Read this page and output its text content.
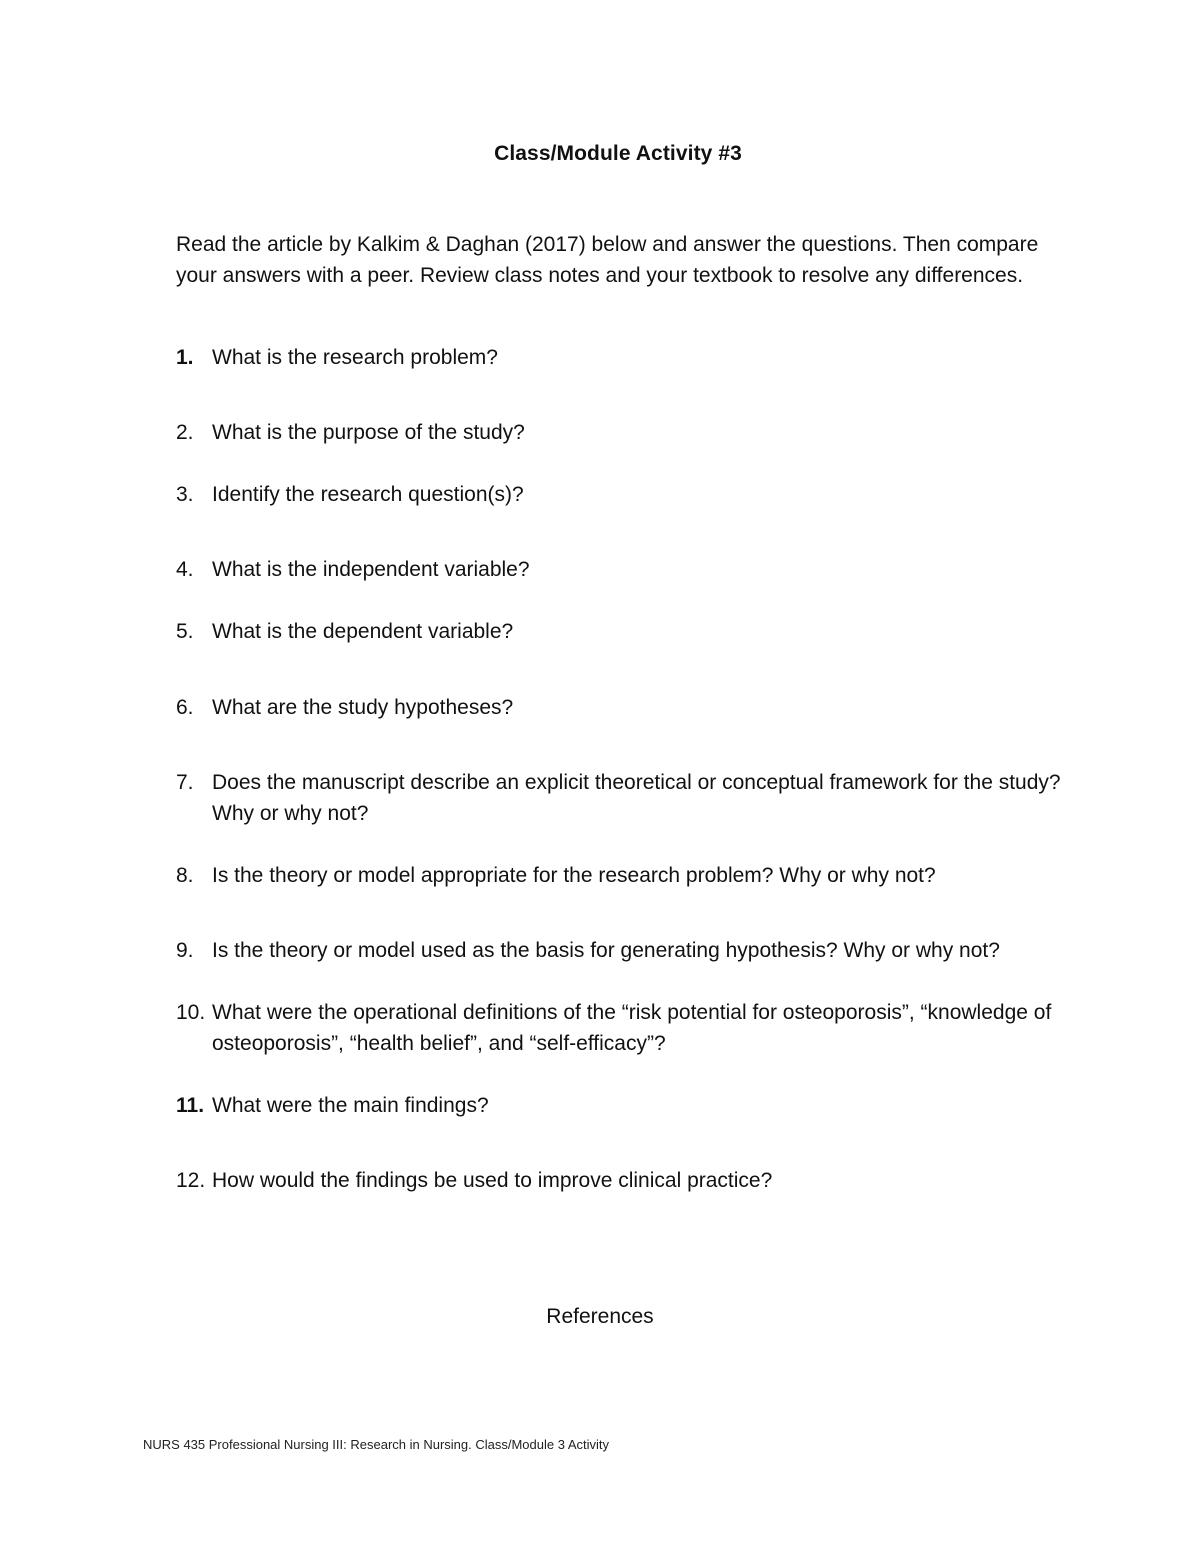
Class/Module Activity #3
Read the article by Kalkim & Daghan (2017) below and answer the questions. Then compare your answers with a peer. Review class notes and your textbook to resolve any differences.
1. What is the research problem?
2. What is the purpose of the study?
3. Identify the research question(s)?
4. What is the independent variable?
5. What is the dependent variable?
6. What are the study hypotheses?
7. Does the manuscript describe an explicit theoretical or conceptual framework for the study? Why or why not?
8. Is the theory or model appropriate for the research problem? Why or why not?
9. Is the theory or model used as the basis for generating hypothesis? Why or why not?
10. What were the operational definitions of the “risk potential for osteoporosis”, “knowledge of osteoporosis”, “health belief”, and “self-efficacy”?
11. What were the main findings?
12. How would the findings be used to improve clinical practice?
References
NURS 435 Professional Nursing III: Research in Nursing. Class/Module 3 Activity
